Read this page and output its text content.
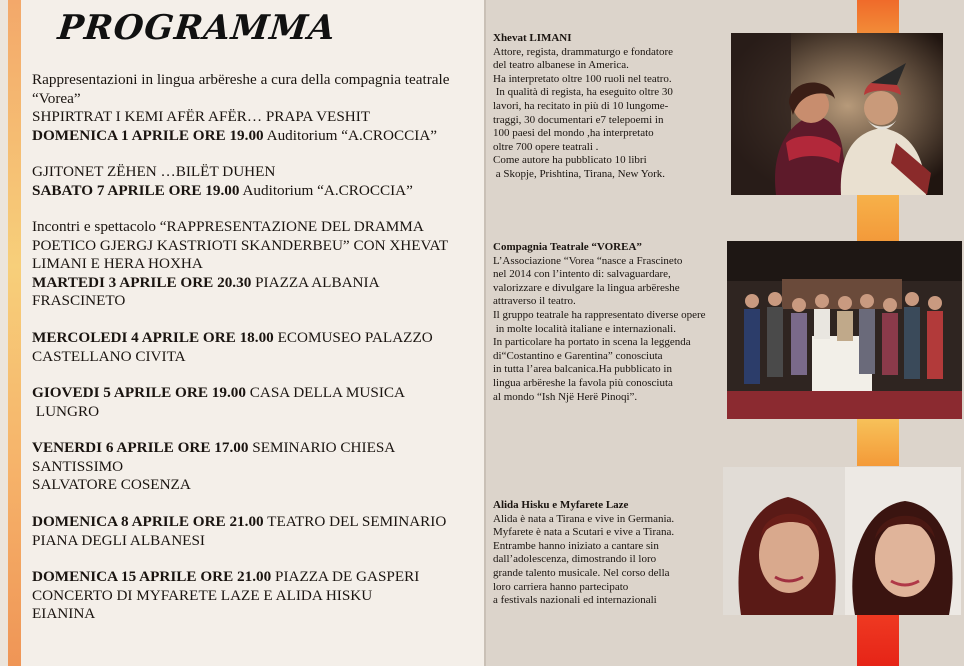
PROGRAMMA
Rappresentazioni in lingua arbëreshe a cura della compagnia teatrale “Vorea”
SHPIRTRAT I KEMI AFËR AFËR… PRAPA VESHIT
DOMENICA 1 APRILE ORE 19.00 Auditorium “A.CROCCIA”
GJITONET ZËHEN …BILËT DUHEN
SABATO 7 APRILE ORE 19.00 Auditorium “A.CROCCIA”
Incontri e spettacolo “RAPPRESENTAZIONE DEL DRAMMA
POETICO GJERGJ KASTRIOTI SKANDERBEU” CON XHEVAT
LIMANI E HERA HOXHA
MARTEDI 3 APRILE ORE 20.30 PIAZZA ALBANIA
FRASCINETO
MERCOLEDI 4 APRILE ORE 18.00 ECOMUSEO PALAZZO
CASTELLANO CIVITA
GIOVEDI 5 APRILE ORE 19.00 CASA DELLA MUSICA
LUNGRO
VENERDI 6 APRILE ORE 17.00 SEMINARIO CHIESA
SANTISSIMO
SALVATORE COSENZA
DOMENICA 8 APRILE ORE 21.00 TEATRO DEL SEMINARIO
PIANA DEGLI ALBANESI
DOMENICA 15 APRILE ORE 21.00 PIAZZA DE GASPERI
CONCERTO DI MYFARETE LAZE E ALIDA HISKU
EIANINA
Xhevat LIMANI
Attore, regista, drammaturgo e fondatore
del teatro albanese in America.
Ha interpretato oltre 100 ruoli nel teatro.
In qualità di regista, ha eseguito oltre 30
lavori, ha recitato in più di 10 lungome-
traggi, 30 documentari e7 telepoemi in
100 paesi del mondo ,ha interpretato
oltre 700 opere teatrali .
Come autore ha pubblicato 10 libri
a Skopje, Prishtina, Tirana, New York.
Compagnia Teatrale “VOREA”
L’Associazione “Vorea “nasce a Frascineto
nel 2014 con l’intento di: salvaguardare,
valorizzare e divulgare la lingua arbëreshe
attraverso il teatro.
Il gruppo teatrale ha rappresentato diverse opere
in molte località italiane e internazionali.
In particolare ha portato in scena la leggenda
di“Costantino e Garentina” conosciuta
in tutta l’area balcanica.Ha pubblicato in
lingua arbëreshe la favola più conosciuta
al mondo “Ish Një Herë Pinoqi”.
Alida Hisku e Myfarete Laze
Alida è nata a Tirana e vive in Germania.
Myfarete è nata a Scutari e vive a Tirana.
Entrambe hanno iniziato a cantare sin
dall’adolescenza, dimostrando il loro
grande talento musicale. Nel corso della
loro carriera hanno partecipato
a festivals nazionali ed internazionali
